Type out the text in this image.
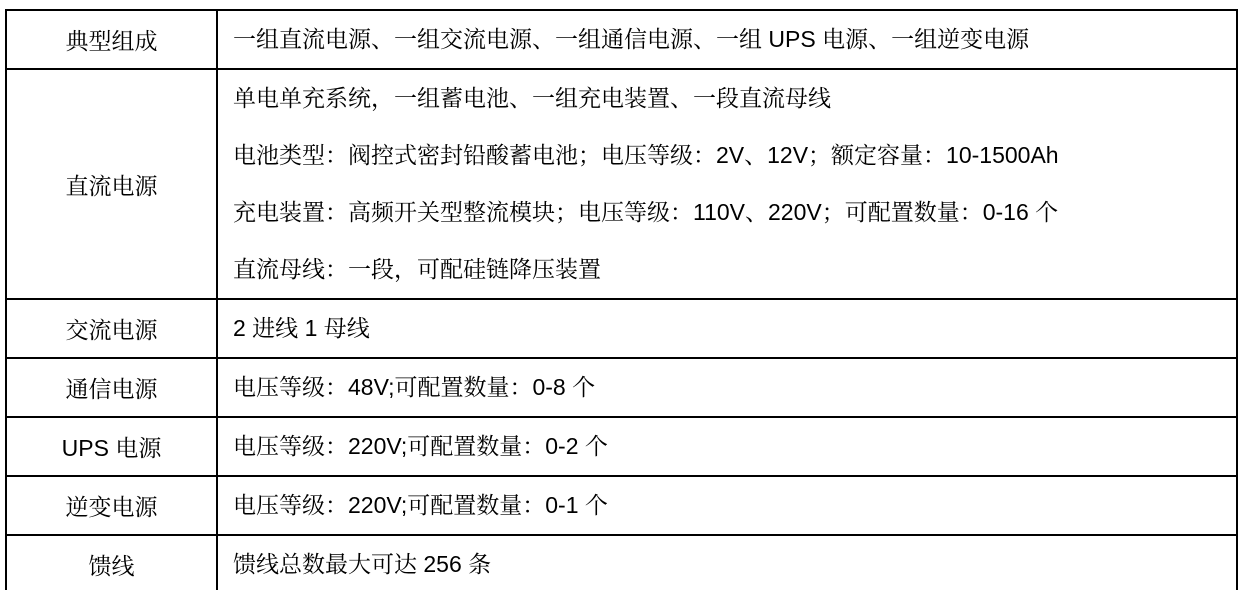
典型组成	一组直流电源、一组交流电源、一组通信电源、一组 UPS 电源、一组逆变电源

直流电源	单电单充系统，一组蓄电池、一组充电装置、一段直流母线
电池类型：阀控式密封铅酸蓄电池；电压等级：2V、12V；额定容量：10-1500Ah
充电装置：高频开关型整流模块；电压等级：110V、220V；可配置数量：0-16 个
直流母线：一段，可配硅链降压装置

交流电源	2 进线 1 母线

通信电源	电压等级：48V;可配置数量：0-8 个

UPS 电源	电压等级：220V;可配置数量：0-2 个

逆变电源	电压等级：220V;可配置数量：0-1 个

馈线	馈线总数最大可达 256 条
